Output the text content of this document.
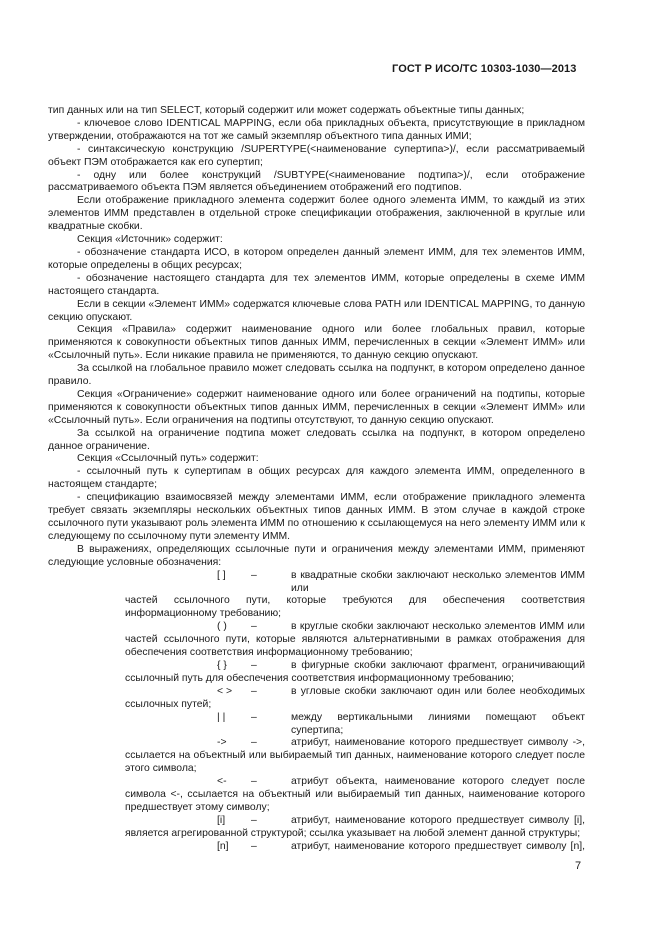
ГОСТ Р ИСО/ТС 10303-1030—2013

тип данных или на тип SELECT, который содержит или может содержать объектные типы данных;

- ключевое слово IDENTICAL MAPPING, если оба прикладных объекта, присутствующие в прикладном утверждении, отображаются на тот же самый экземпляр объектного типа данных ИМИ;

- синтаксическую конструкцию /SUPERTYPE(<наименование супертипа>)/, если рассматриваемый объект ПЭМ отображается как его супертип;

- одну или более конструкций /SUBTYPE(<наименование подтипа>)/, если отображение рассматриваемого объекта ПЭМ является объединением отображений его подтипов.

Если отображение прикладного элемента содержит более одного элемента ИММ, то каждый из этих элементов ИММ представлен в отдельной строке спецификации отображения, заключенной в круглые или квадратные скобки.

Секция «Источник» содержит:

- обозначение стандарта ИСО, в котором определен данный элемент ИММ, для тех элементов ИММ, которые определены в общих ресурсах;

- обозначение настоящего стандарта для тех элементов ИММ, которые определены в схеме ИММ настоящего стандарта.

Если в секции «Элемент ИММ» содержатся ключевые слова PATH или IDENTICAL MAPPING, то данную секцию опускают.

Секция «Правила» содержит наименование одного или более глобальных правил, которые применяются к совокупности объектных типов данных ИММ, перечисленных в секции «Элемент ИММ» или «Ссылочный путь». Если никакие правила не применяются, то данную секцию опускают.

За ссылкой на глобальное правило может следовать ссылка на подпункт, в котором определено данное правило.

Секция «Ограничение» содержит наименование одного или более ограничений на подтипы, которые применяются к совокупности объектных типов данных ИММ, перечисленных в секции «Элемент ИММ» или «Ссылочный путь». Если ограничения на подтипы отсутствуют, то данную секцию опускают.

За ссылкой на ограничение подтипа может следовать ссылка на подпункт, в котором определено данное ограничение.

Секция «Ссылочный путь» содержит:

- ссылочный путь к супертипам в общих ресурсах для каждого элемента ИММ, определенного в настоящем стандарте;

- спецификацию взаимосвязей между элементами ИММ, если отображение прикладного элемента требует связать экземпляры нескольких объектных типов данных ИММ. В этом случае в каждой строке ссылочного пути указывают роль элемента ИММ по отношению к ссылающемуся на него элементу ИММ или к следующему по ссылочному пути элементу ИММ.

В выражениях, определяющих ссылочные пути и ограничения между элементами ИММ, применяют следующие условные обозначения:

[ ]	–	в квадратные скобки заключают несколько элементов ИММ или

частей ссылочного пути, которые требуются для обеспечения соответствия информационному требованию;

( )	–	в круглые скобки заключают несколько элементов ИММ или

частей ссылочного пути, которые являются альтернативными в рамках отображения для обеспечения соответствия информационному требованию;

{ }	–	в фигурные скобки заключают фрагмент, ограничивающий

ссылочный путь для обеспечения соответствия информационному требованию;

< >	–	в угловые скобки заключают один или более необходимых

ссылочных путей;

| |	–	между вертикальными линиями помещают объект супертипа;
->	–	атрибут, наименование которого предшествует символу ->,

ссылается на объектный или выбираемый тип данных, наименование которого следует после этого символа;

<-	–	атрибут объекта, наименование которого следует после

символа <-, ссылается на объектный или выбираемый тип данных, наименование которого предшествует этому символу;

[i]	–	атрибут, наименование которого предшествует символу [i],

является агрегированной структурой; ссылка указывает на любой элемент данной структуры;

[n]	–	атрибут, наименование которого предшествует символу [n],
7
